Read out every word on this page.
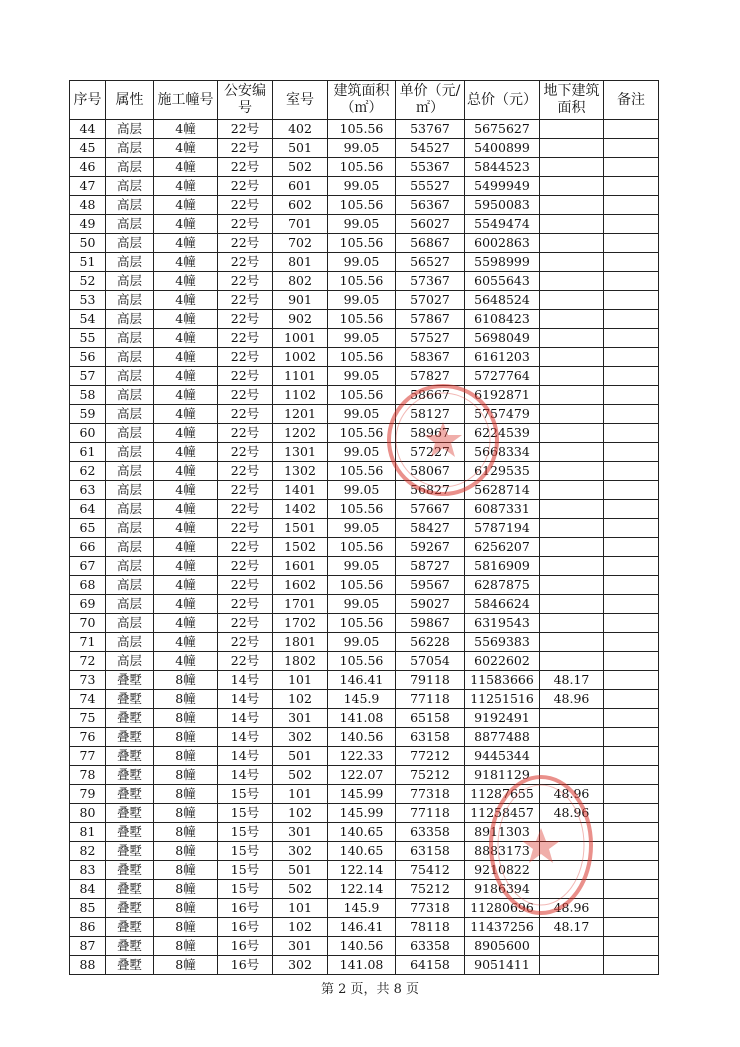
序号	属性	施工幢号	公安编号	室号	建筑面积（㎡）	单价（元/㎡）	总价（元）	地下建筑面积	备注
44	高层	4幢	22号	402	105.56	53767	5675627		
45	高层	4幢	22号	501	99.05	54527	5400899		
46	高层	4幢	22号	502	105.56	55367	5844523		
47	高层	4幢	22号	601	99.05	55527	5499949		
48	高层	4幢	22号	602	105.56	56367	5950083		
49	高层	4幢	22号	701	99.05	56027	5549474		
50	高层	4幢	22号	702	105.56	56867	6002863		
51	高层	4幢	22号	801	99.05	56527	5598999		
52	高层	4幢	22号	802	105.56	57367	6055643		
53	高层	4幢	22号	901	99.05	57027	5648524		
54	高层	4幢	22号	902	105.56	57867	6108423		
55	高层	4幢	22号	1001	99.05	57527	5698049		
56	高层	4幢	22号	1002	105.56	58367	6161203		
57	高层	4幢	22号	1101	99.05	57827	5727764		
58	高层	4幢	22号	1102	105.56	58667	6192871		
59	高层	4幢	22号	1201	99.05	58127	5757479		
60	高层	4幢	22号	1202	105.56	58967	6224539		
61	高层	4幢	22号	1301	99.05	57227	5668334		
62	高层	4幢	22号	1302	105.56	58067	6129535		
63	高层	4幢	22号	1401	99.05	56827	5628714		
64	高层	4幢	22号	1402	105.56	57667	6087331		
65	高层	4幢	22号	1501	99.05	58427	5787194		
66	高层	4幢	22号	1502	105.56	59267	6256207		
67	高层	4幢	22号	1601	99.05	58727	5816909		
68	高层	4幢	22号	1602	105.56	59567	6287875		
69	高层	4幢	22号	1701	99.05	59027	5846624		
70	高层	4幢	22号	1702	105.56	59867	6319543		
71	高层	4幢	22号	1801	99.05	56228	5569383		
72	高层	4幢	22号	1802	105.56	57054	6022602		
73	叠墅	8幢	14号	101	146.41	79118	11583666	48.17	
74	叠墅	8幢	14号	102	145.9	77118	11251516	48.96	
75	叠墅	8幢	14号	301	141.08	65158	9192491		
76	叠墅	8幢	14号	302	140.56	63158	8877488		
77	叠墅	8幢	14号	501	122.33	77212	9445344		
78	叠墅	8幢	14号	502	122.07	75212	9181129		
79	叠墅	8幢	15号	101	145.99	77318	11287655	48.96	
80	叠墅	8幢	15号	102	145.99	77118	11258457	48.96	
81	叠墅	8幢	15号	301	140.65	63358	8911303		
82	叠墅	8幢	15号	302	140.65	63158	8883173		
83	叠墅	8幢	15号	501	122.14	75412	9210822		
84	叠墅	8幢	15号	502	122.14	75212	9186394		
85	叠墅	8幢	16号	101	145.9	77318	11280696	48.96	
86	叠墅	8幢	16号	102	146.41	78118	11437256	48.17	
87	叠墅	8幢	16号	301	140.56	63358	8905600		
88	叠墅	8幢	16号	302	141.08	64158	9051411		
第 2 页，共 8 页
